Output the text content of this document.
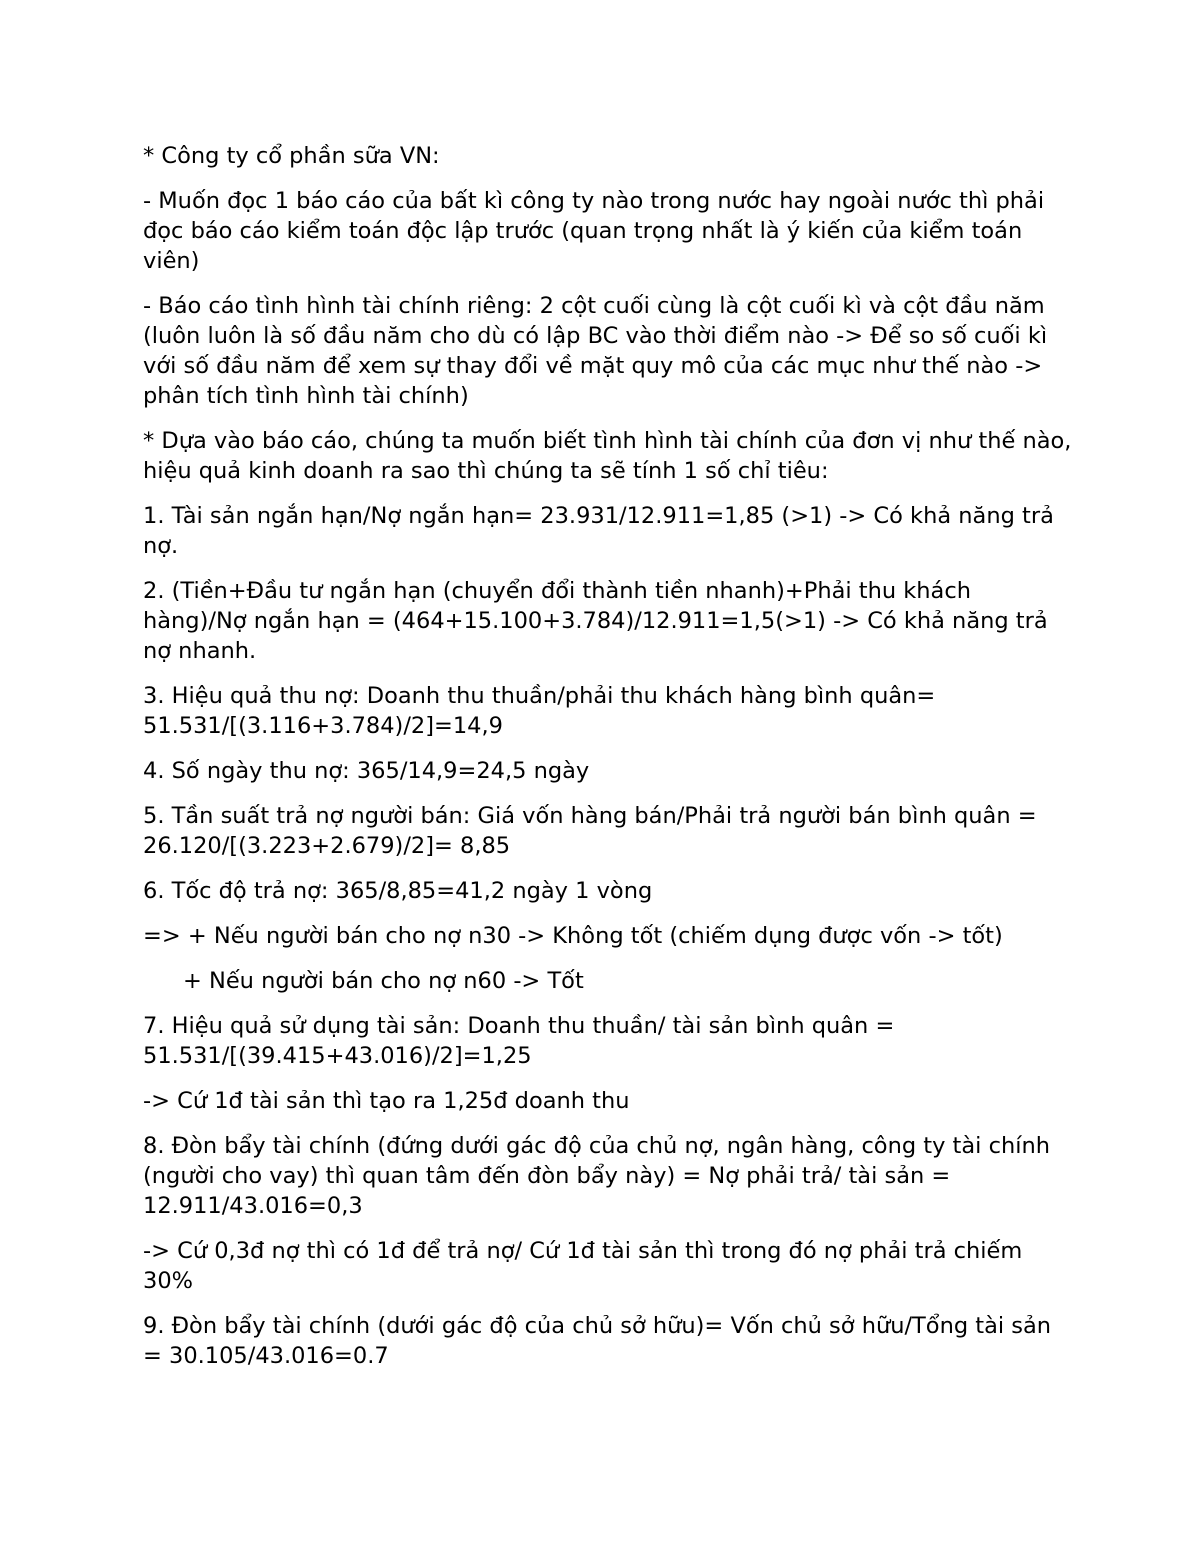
* Công ty cổ phần sữa VN:

- Muốn đọc 1 báo cáo của bất kì công ty nào trong nước hay ngoài nước thì phải đọc báo cáo kiểm toán độc lập trước (quan trọng nhất là ý kiến của kiểm toán viên)

- Báo cáo tình hình tài chính riêng: 2 cột cuối cùng là cột cuối kì và cột đầu năm (luôn luôn là số đầu năm cho dù có lập BC vào thời điểm nào -> Để so số cuối kì với số đầu năm để xem sự thay đổi về mặt quy mô của các mục như thế nào -> phân tích tình hình tài chính)

* Dựa vào báo cáo, chúng ta muốn biết tình hình tài chính của đơn vị như thế nào, hiệu quả kinh doanh ra sao thì chúng ta sẽ tính 1 số chỉ tiêu:

1. Tài sản ngắn hạn/Nợ ngắn hạn= 23.931/12.911=1,85 (>1) -> Có khả năng trả nợ.

2. (Tiền+Đầu tư ngắn hạn (chuyển đổi thành tiền nhanh)+Phải thu khách hàng)/Nợ ngắn hạn = (464+15.100+3.784)/12.911=1,5(>1) -> Có khả năng trả nợ nhanh.

3. Hiệu quả thu nợ: Doanh thu thuần/phải thu khách hàng bình quân= 51.531/[(3.116+3.784)/2]=14,9

4. Số ngày thu nợ: 365/14,9=24,5 ngày

5. Tần suất trả nợ người bán: Giá vốn hàng bán/Phải trả người bán bình quân = 26.120/[(3.223+2.679)/2]= 8,85

6. Tốc độ trả nợ: 365/8,85=41,2 ngày 1 vòng

=> + Nếu người bán cho nợ n30 -> Không tốt (chiếm dụng được vốn -> tốt)

+ Nếu người bán cho nợ n60 -> Tốt

7. Hiệu quả sử dụng tài sản: Doanh thu thuần/ tài sản bình quân = 51.531/[(39.415+43.016)/2]=1,25

-> Cứ 1đ tài sản thì tạo ra 1,25đ doanh thu

8. Đòn bẩy tài chính (đứng dưới gác độ của chủ nợ, ngân hàng, công ty tài chính (người cho vay) thì quan tâm đến đòn bẩy này) = Nợ phải trả/ tài sản = 12.911/43.016=0,3

-> Cứ 0,3đ nợ thì có 1đ để trả nợ/ Cứ 1đ tài sản thì trong đó nợ phải trả chiếm 30%

9. Đòn bẩy tài chính (dưới gác độ của chủ sở hữu)= Vốn chủ sở hữu/Tổng tài sản = 30.105/43.016=0.7
